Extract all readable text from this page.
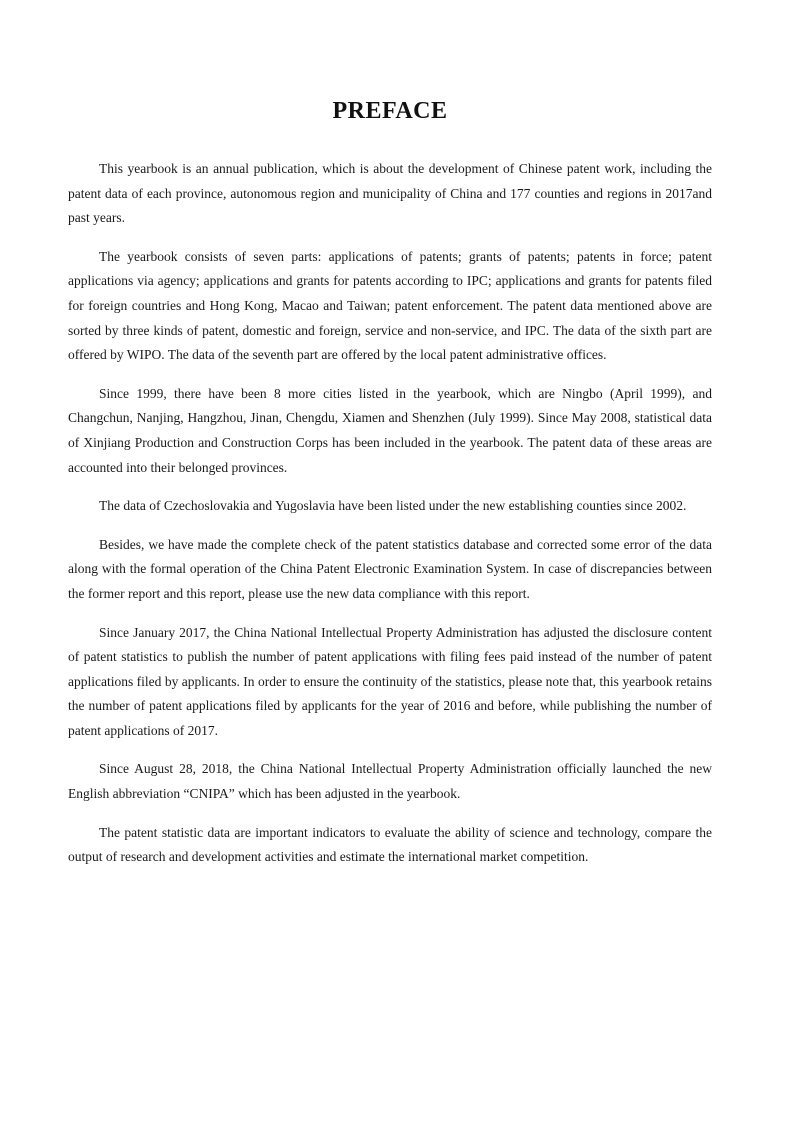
PREFACE

This yearbook is an annual publication, which is about the development of Chinese patent work, including the patent data of each province, autonomous region and municipality of China and 177 counties and regions in 2017and past years.

The yearbook consists of seven parts: applications of patents; grants of patents; patents in force; patent applications via agency; applications and grants for patents according to IPC; applications and grants for patents filed for foreign countries and Hong Kong, Macao and Taiwan; patent enforcement. The patent data mentioned above are sorted by three kinds of patent, domestic and foreign, service and non-service, and IPC. The data of the sixth part are offered by WIPO. The data of the seventh part are offered by the local patent administrative offices.

Since 1999, there have been 8 more cities listed in the yearbook, which are Ningbo (April 1999), and Changchun, Nanjing, Hangzhou, Jinan, Chengdu, Xiamen and Shenzhen (July 1999). Since May 2008, statistical data of Xinjiang Production and Construction Corps has been included in the yearbook. The patent data of these areas are accounted into their belonged provinces.

The data of Czechoslovakia and Yugoslavia have been listed under the new establishing counties since 2002.

Besides, we have made the complete check of the patent statistics database and corrected some error of the data along with the formal operation of the China Patent Electronic Examination System. In case of discrepancies between the former report and this report, please use the new data compliance with this report.

Since January 2017, the China National Intellectual Property Administration has adjusted the disclosure content of patent statistics to publish the number of patent applications with filing fees paid instead of the number of patent applications filed by applicants. In order to ensure the continuity of the statistics, please note that, this yearbook retains the number of patent applications filed by applicants for the year of 2016 and before, while publishing the number of patent applications of 2017.

Since August 28, 2018, the China National Intellectual Property Administration officially launched the new English abbreviation “CNIPA” which has been adjusted in the yearbook.

The patent statistic data are important indicators to evaluate the ability of science and technology, compare the output of research and development activities and estimate the international market competition.
